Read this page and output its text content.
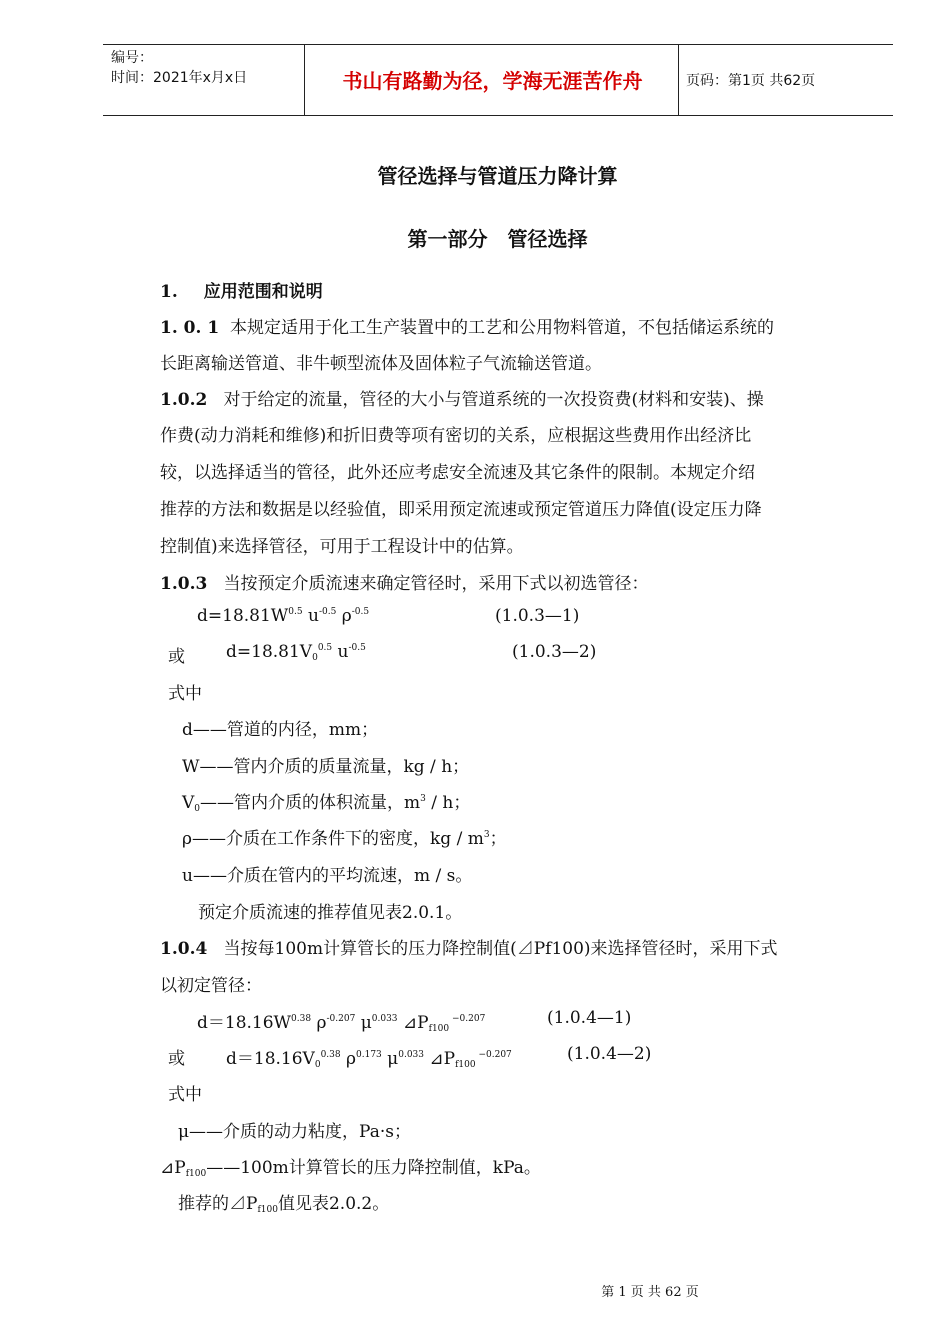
编号：
时间：2021年x月x日	书山有路勤为径，学海无涯苦作舟	页码：第1页 共62页
管径选择与管道压力降计算
第一部分　管径选择
1. 应用范围和说明
1. 0. 1 本规定适用于化工生产装置中的工艺和公用物料管道，不包括储运系统的
长距离输送管道、非牛顿型流体及固体粒子气流输送管道。
1.0.2 对于给定的流量，管径的大小与管道系统的一次投资费(材料和安装)、操
作费(动力消耗和维修)和折旧费等项有密切的关系，应根据这些费用作出经济比
较，以选择适当的管径，此外还应考虑安全流速及其它条件的限制。本规定介绍
推荐的方法和数据是以经验值，即采用预定流速或预定管道压力降值(设定压力降
控制值)来选择管径，可用于工程设计中的估算。
1.0.3 当按预定介质流速来确定管径时，采用下式以初选管径：
$d=18.81W^{0.5}$ $u^{-0.5}$ $\rho^{-0.5}$	(1.0.3—1)
或 $d=18.81V_0^{0.5}$ $u^{-0.5}$	(1.0.3—2)
式中
d——管道的内径，mm；
W——管内介质的质量流量，kg / h；
$V_0——$管内介质的体积流量，$m^3$ / h；
ρ——介质在工作条件下的密度，kg / $m^3$；
u——介质在管内的平均流速，m / s。
预定介质流速的推荐值见表2.0.1。
1.0.4 当按每100m计算管长的压力降控制值(⊿Pf100)来选择管径时，采用下式
以初定管径：
$d=18.16W^{0.38}$ $\rho^{-0.207}$ $\mu^{0.033}$ $⊿P_{f100}$ $^{-0.207}$	(1.0.4—1)
或 $d=18.16V_0^{0.38}$ $\rho^{0.173}$ $\mu^{0.033}$ $⊿P_{f100}$ $^{-0.207}$	(1.0.4—2)
式中
μ——介质的动力粘度，Pa·s；
$⊿P_{f100}——100m$计算管长的压力降控制值，kPa。
推荐的$⊿P_{f100}$值见表2.0.2。
第 1 页 共 62 页
